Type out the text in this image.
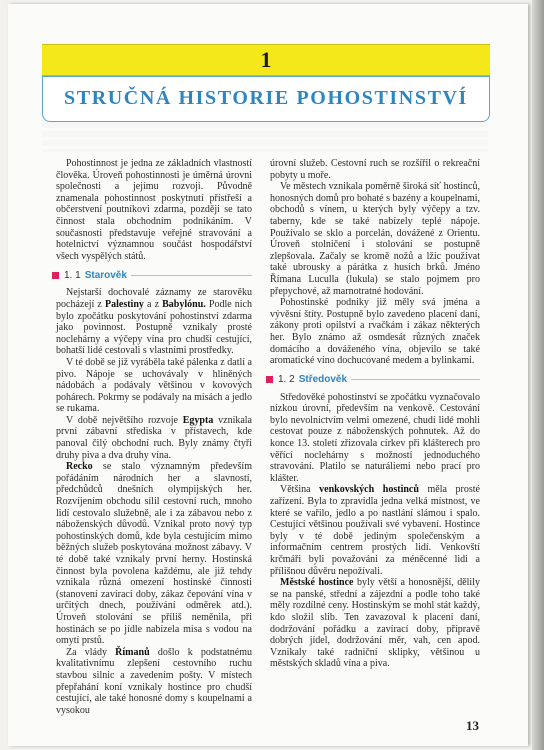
1
STRUČNÁ HISTORIE POHOSTINSTVÍ

Pohostinnost je jedna ze základních vlastností člověka. Úroveň pohostinnosti je úměrná úrovni společnosti a jejímu rozvoji. Původně znamenala pohostinnost poskytnutí přístřeší a občerstvení poutníkovi zdarma, později se tato činnost stala obchodním podnikáním. V současnosti představuje veřejné stravování a hotelnictví významnou součást hospodářství všech vyspělých států.

1. 1 Starověk

Nejstarší dochovalé záznamy ze starověku pocházejí z Palestiny a z Babylónu. Podle nich bylo zpočátku poskytování pohostinství zdarma jako povinnost. Postupně vznikaly prosté noclehárny a výčepy vína pro chudší cestující, bohatší lidé cestovali s vlastními prostředky.

V té době se již vyráběla také pálenka z datlí a pivo. Nápoje se uchovávaly v hliněných nádobách a podávaly většinou v kovových pohárech. Pokrmy se podávaly na mísách a jedlo se rukama.

V době největšího rozvoje Egypta vznikala první zábavní střediska v přístavech, kde panoval čilý obchodní ruch. Byly známy čtyři druhy piva a dva druhy vína.

Recko se stalo významným především pořádáním národních her a slavností, předchůdců dnešních olympijských her. Rozvíjením obchodu sílil cestovní ruch, mnoho lidí cestovalo služebně, ale i za zábavou nebo z náboženských důvodů. Vznikal proto nový typ pohostinských domů, kde byla cestujícím mimo běžných služeb poskytována možnost zábavy. V té době také vznikaly první herny. Hostinská činnost byla povolena každému, ale již tehdy vznikala různá omezení hostinské činnosti (stanovení zavírací doby, zákaz čepování vína v určitých dnech, používání odměrek atd.). Úroveň stolování se příliš neměnila, při hostinách se po jídle nabízela misa s vodou na omytí prstů.

Za vlády Římanů došlo k podstatnému kvalitativnímu zlepšení cestovního ruchu stavbou silnic a zavedením pošty. V místech přepřahání koní vznikaly hostince pro chudší cestující, ale také honosné domy s koupelnami a vysokou

úrovní služeb. Cestovní ruch se rozšířil o rekreační pobyty u moře.

Ve městech vznikala poměrně široká síť hostinců, honosných domů pro bohaté s bazény a koupelnami, obchodů s vínem, u kterých byly výčepy a tzv. taberny, kde se také nabízely teplé nápoje. Používalo se sklo a porcelán, dovážené z Orientu. Úroveň stolničení i stolování se postupně zlepšovala. Začaly se kromě nožů a lžic používat také ubrousky a párátka z husích brků. Jméno Římana Luculla (lukula) se stalo pojmem pro přepychové, až marnotratné hodování.

Pohostinské podniky již měly svá jména a vývěsní štíty. Postupně bylo zavedeno placení daní, zákony proti opilství a rvačkám i zákaz některých her. Bylo známo až osmdesát různých značek domácího a dováženého vína, objevilo se také aromatické víno dochucované medem a bylinkami.

1. 2 Středověk

Středověké pohostinství se zpočátku vyznačovalo nízkou úrovní, především na venkově. Cestování bylo nevolnictvím velmi omezené, chudí lidé mohli cestovat pouze z náboženských pohnutek. Až do konce 13. století zřizovala církev při klášterech pro věřící noclehárny s možností jednoduchého stravování. Platilo se naturáliemi nebo prací pro klášter.

Většina venkovských hostinců měla prosté zařízení. Byla to zpravidla jedna velká místnost, ve které se vařilo, jedlo a po nastlání slámou i spalo. Cestující většinou používali své vybavení. Hostince byly v té době jediným společenským a informačním centrem prostých lidí. Venkovští krčmáři byli považováni za méněcenné lidi a přílišnou důvěru nepožívali.

Městské hostince byly větší a honosnější, dělily se na panské, střední a zájezdní a podle toho také měly rozdílné ceny. Hostinským se mohl stát každý, kdo složil slib. Ten zavazoval k placení daní, dodržování pořádku a zavírací doby, přípravě dobrých jídel, dodržování měr, vah, cen apod. Vznikaly také radniční sklipky, většinou u městských skladů vína a piva.

13
